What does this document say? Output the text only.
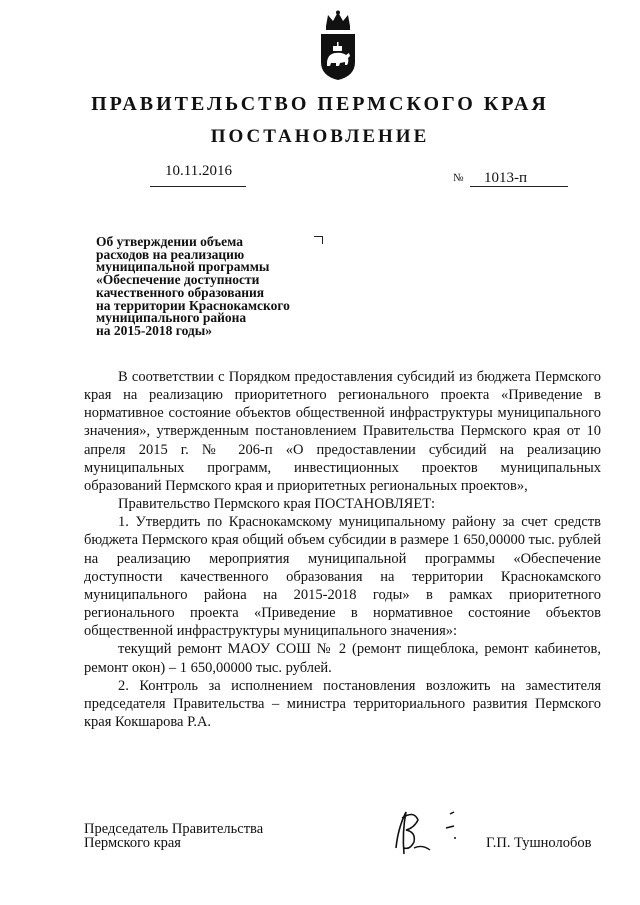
ПРАВИТЕЛЬСТВО ПЕРМСКОГО КРАЯ
ПОСТАНОВЛЕНИЕ
10.11.2016	№ 1013-п
Об утверждении объема
расходов на реализацию
муниципальной программы
«Обеспечение доступности
качественного образования
на территории Краснокамского
муниципального района
на 2015-2018 годы»

В соответствии с Порядком предоставления субсидий из бюджета Пермского края на реализацию приоритетного регионального проекта «Приведение в нормативное состояние объектов общественной инфраструктуры муниципального значения», утвержденным постановлением Правительства Пермского края от 10 апреля 2015 г. № 206-п «О предоставлении субсидий на реализацию муниципальных программ, инвестиционных проектов муниципальных образований Пермского края и приоритетных региональных проектов»,

Правительство Пермского края ПОСТАНОВЛЯЕТ:

1. Утвердить по Краснокамскому муниципальному району за счет средств бюджета Пермского края общий объем субсидии в размере 1 650,00000 тыс. рублей на реализацию мероприятия муниципальной программы «Обеспечение доступности качественного образования на территории Краснокамского муниципального района на 2015-2018 годы» в рамках приоритетного регионального проекта «Приведение в нормативное состояние объектов общественной инфраструктуры муниципального значения»:

текущий ремонт МАОУ СОШ № 2 (ремонт пищеблока, ремонт кабинетов, ремонт окон) – 1 650,00000 тыс. рублей.

2. Контроль за исполнением постановления возложить на заместителя председателя Правительства – министра территориального развития Пермского края Кокшарова Р.А.

Председатель Правительства
Пермского края	Г.П. Тушнолобов
